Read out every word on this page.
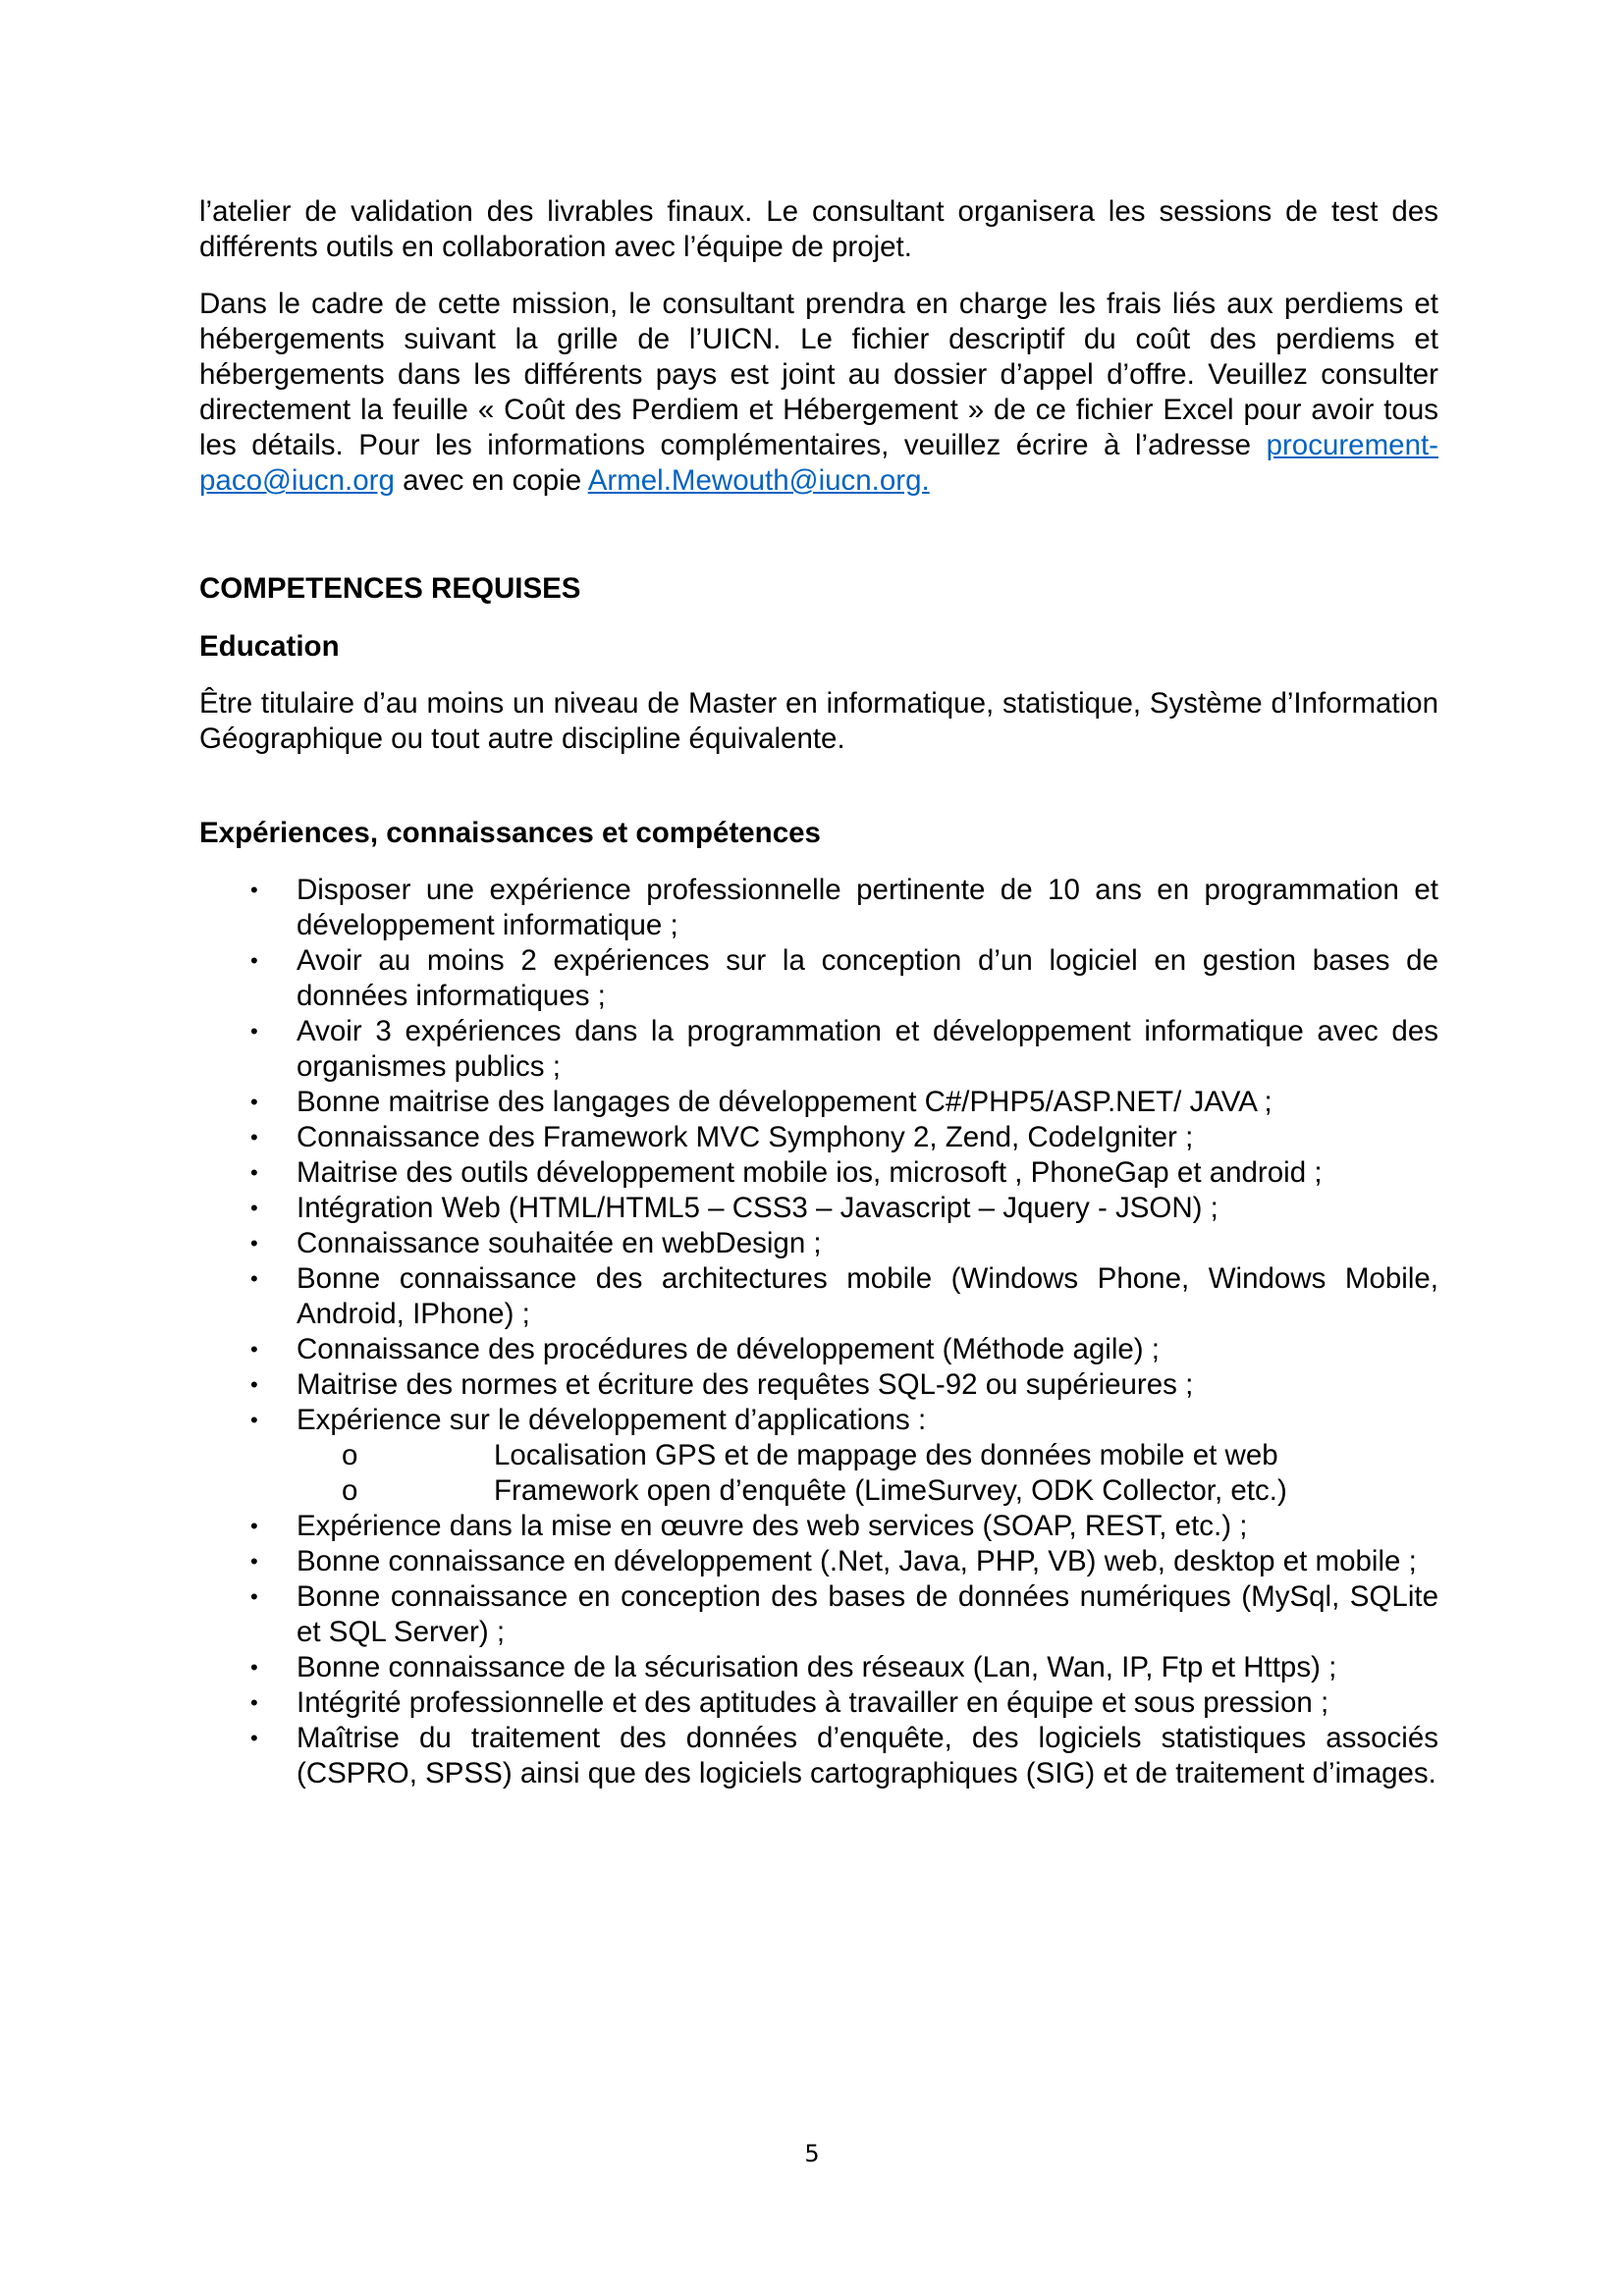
l’atelier de validation des livrables finaux. Le consultant organisera les sessions de test des différents outils en collaboration avec l’équipe de projet.

Dans le cadre de cette mission, le consultant prendra en charge les frais liés aux perdiems et hébergements suivant la grille de l’UICN. Le fichier descriptif du coût des perdiems et hébergements dans les différents pays est joint au dossier d’appel d’offre. Veuillez consulter directement la feuille « Coût des Perdiem et Hébergement » de ce fichier Excel pour avoir tous les détails. Pour les informations complémentaires, veuillez écrire à l’adresse procurement-paco@iucn.org avec en copie Armel.Mewouth@iucn.org.

COMPETENCES REQUISES
Education

Être titulaire d’au moins un niveau de Master en informatique, statistique, Système d’Information Géographique ou tout autre discipline équivalente.

Expériences, connaissances et compétences
• Disposer une expérience professionnelle pertinente de 10 ans en programmation et développement informatique ;
• Avoir au moins 2 expériences sur la conception d’un logiciel en gestion bases de données informatiques ;
• Avoir 3 expériences dans la programmation et développement informatique avec des organismes publics ;
• Bonne maitrise des langages de développement C#/PHP5/ASP.NET/ JAVA ;
• Connaissance des Framework MVC Symphony 2, Zend, CodeIgniter ;
• Maitrise des outils développement mobile ios, microsoft , PhoneGap et android ;
• Intégration Web (HTML/HTML5 – CSS3 – Javascript – Jquery - JSON) ;
• Connaissance souhaitée en webDesign ;
• Bonne connaissance des architectures mobile (Windows Phone, Windows Mobile, Android, IPhone) ;
• Connaissance des procédures de développement (Méthode agile) ;
• Maitrise des normes et écriture des requêtes SQL-92 ou supérieures ;
• Expérience sur le développement d’applications :
o	Localisation GPS et de mappage des données mobile et web
o	Framework open d’enquête (LimeSurvey, ODK Collector, etc.)
• Expérience dans la mise en œuvre des web services (SOAP, REST, etc.) ;
• Bonne connaissance en développement (.Net, Java, PHP, VB) web, desktop et mobile ;
• Bonne connaissance en conception des bases de données numériques (MySql, SQLite et SQL Server) ;
• Bonne connaissance de la sécurisation des réseaux (Lan, Wan, IP, Ftp et Https) ;
• Intégrité professionnelle et des aptitudes à travailler en équipe et sous pression ;
• Maîtrise du traitement des données d’enquête, des logiciels statistiques associés (CSPRO, SPSS) ainsi que des logiciels cartographiques (SIG) et de traitement d’images.
5
